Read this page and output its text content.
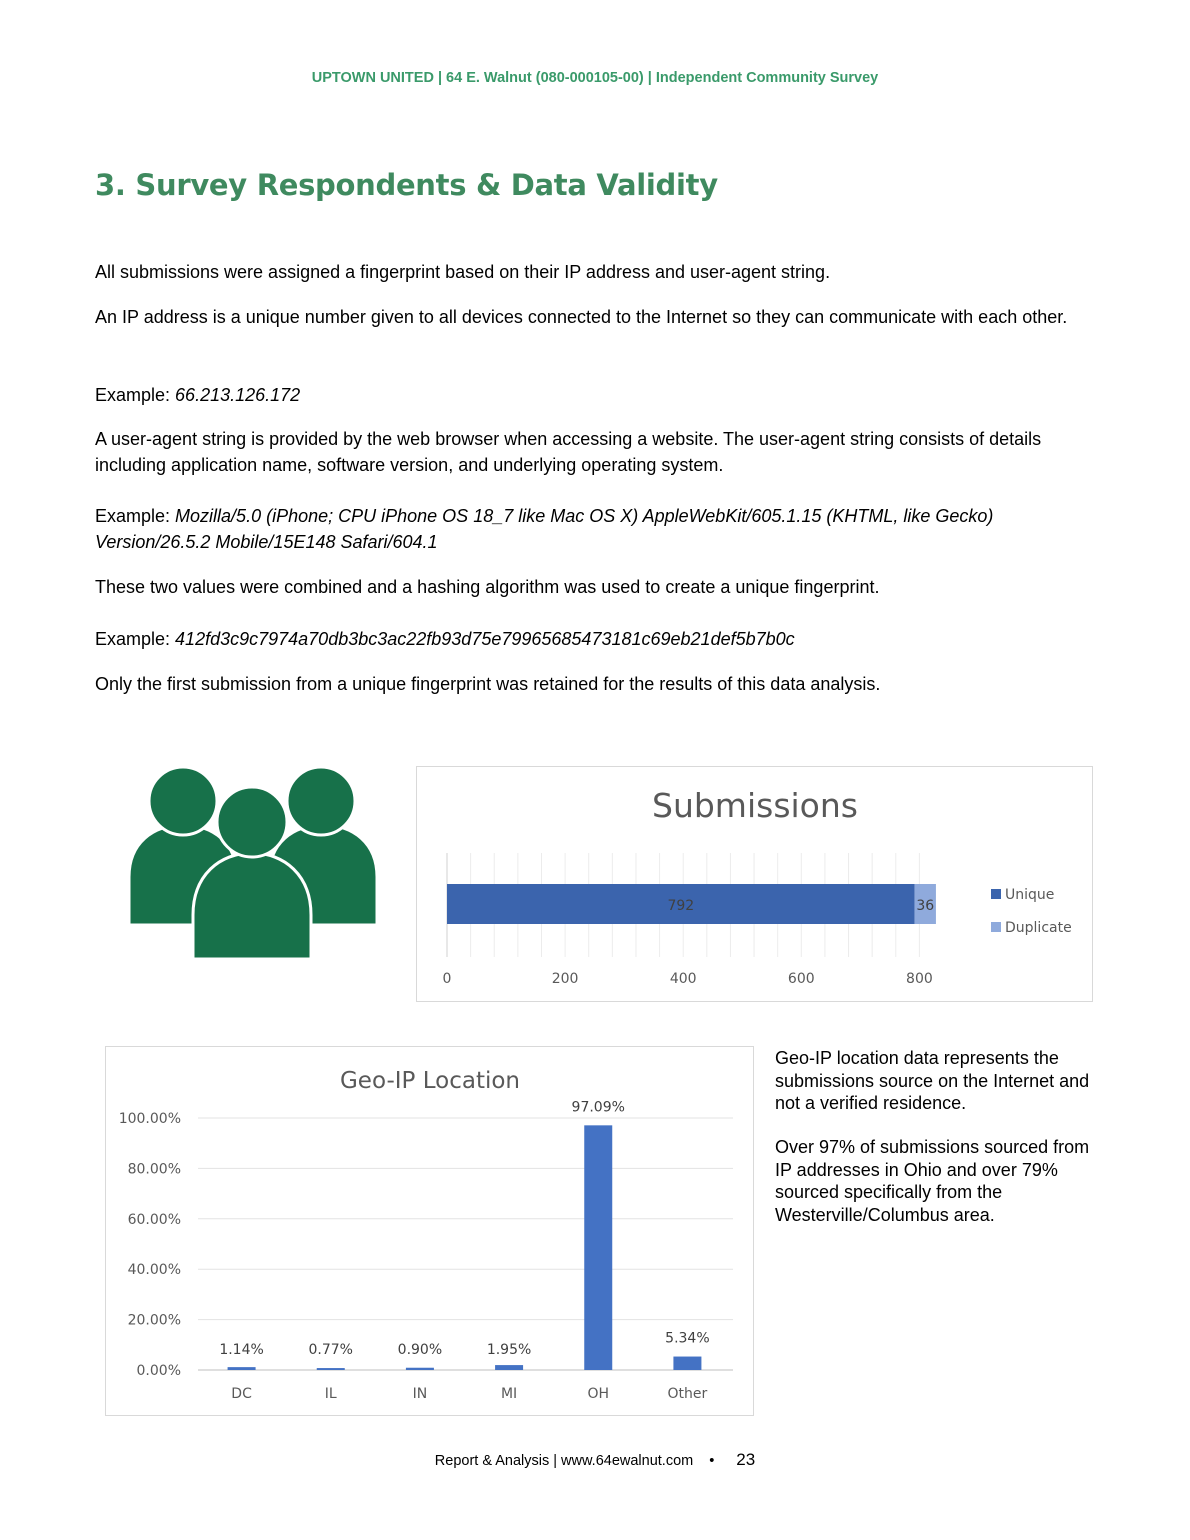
UPTOWN UNITED | 64 E. Walnut (080-000105-00) | Independent Community Survey
3. Survey Respondents & Data Validity
All submissions were assigned a fingerprint based on their IP address and user-agent string.
An IP address is a unique number given to all devices connected to the Internet so they can communicate with each other.
Example: 66.213.126.172
A user-agent string is provided by the web browser when accessing a website. The user-agent string consists of details including application name, software version, and underlying operating system.
Example: Mozilla/5.0 (iPhone; CPU iPhone OS 18_7 like Mac OS X) AppleWebKit/605.1.15 (KHTML, like Gecko) Version/26.5.2 Mobile/15E148 Safari/604.1
These two values were combined and a hashing algorithm was used to create a unique fingerprint.
Example: 412fd3c9c7974a70db3bc3ac22fb93d75e79965685473181c69eb21def5b7b0c
Only the first submission from a unique fingerprint was retained for the results of this data analysis.
Submissions
792	36
0	200	400	600	800
Unique
Duplicate
Geo-IP Location
0.00%
20.00%
40.00%
60.00%
80.00%
100.00%
1.14%
DC
0.77%
IL
0.90%
IN
1.95%
MI
97.09%
OH
5.34%
Other
Geo-IP location data represents the submissions source on the Internet and not a verified residence.
Over 97% of submissions sourced from IP addresses in Ohio and over 79% sourced specifically from the Westerville/Columbus area.
Report & Analysis | www.64ewalnut.com • 23
